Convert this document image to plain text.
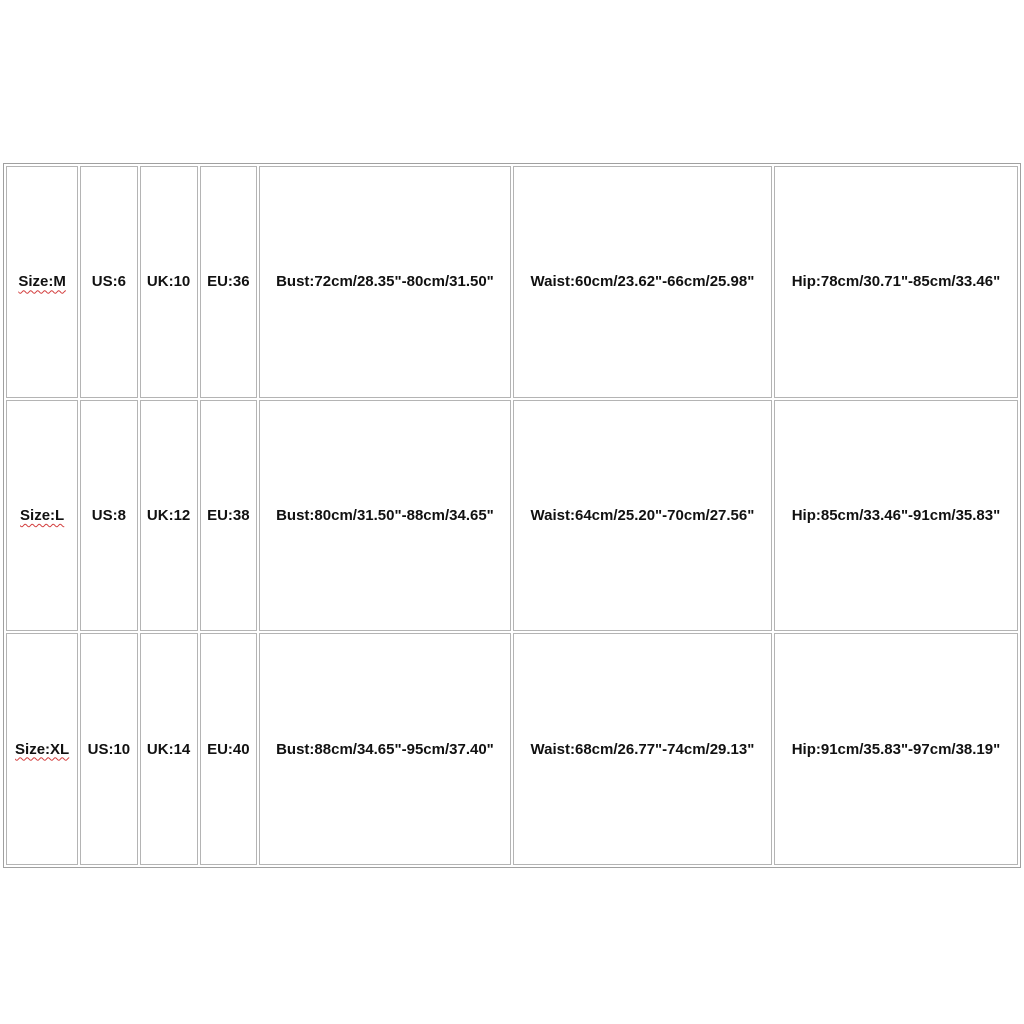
Size:M	US:6	UK:10	EU:36	Bust:72cm/28.35"-80cm/31.50"	Waist:60cm/23.62"-66cm/25.98"	Hip:78cm/30.71"-85cm/33.46"
Size:L	US:8	UK:12	EU:38	Bust:80cm/31.50"-88cm/34.65"	Waist:64cm/25.20"-70cm/27.56"	Hip:85cm/33.46"-91cm/35.83"
Size:XL	US:10	UK:14	EU:40	Bust:88cm/34.65"-95cm/37.40"	Waist:68cm/26.77"-74cm/29.13"	Hip:91cm/35.83"-97cm/38.19"
